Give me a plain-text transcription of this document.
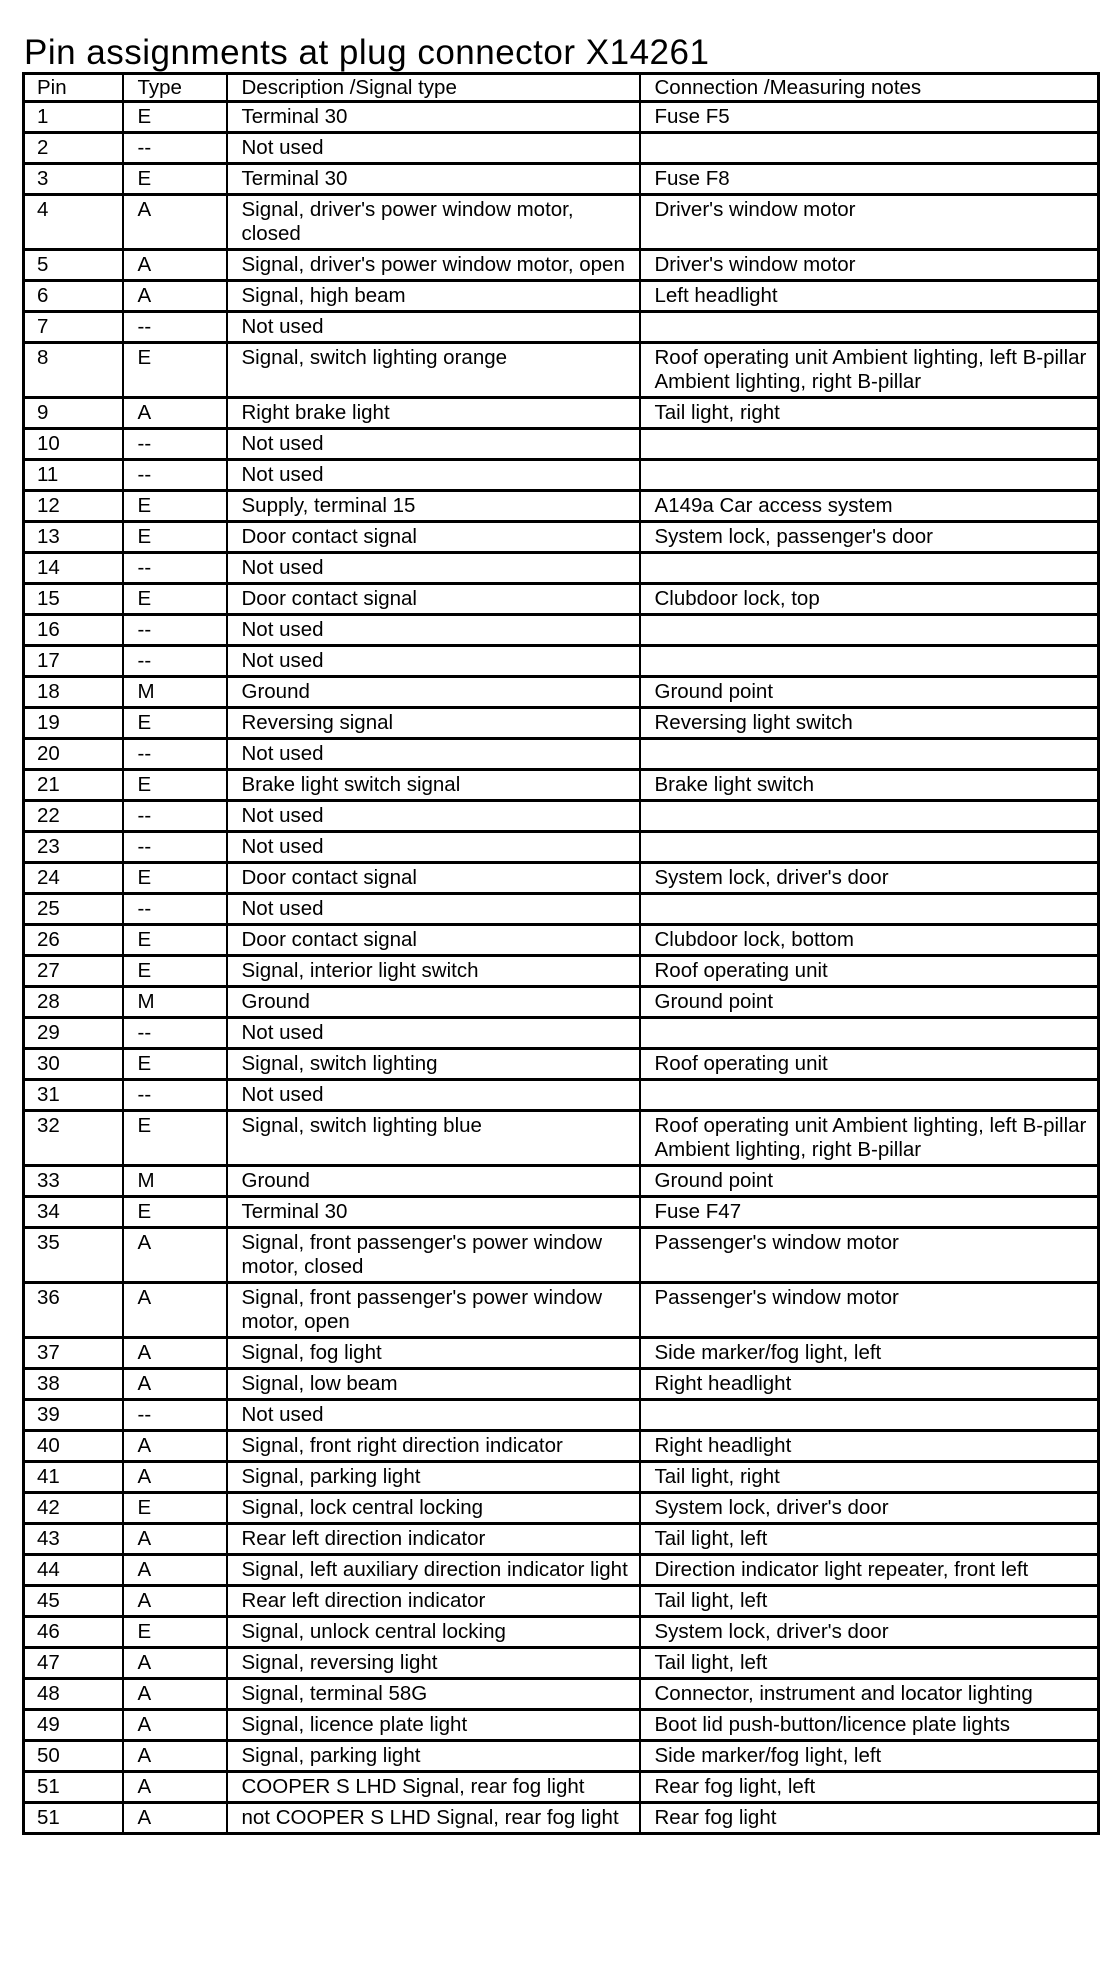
Pin assignments at plug connector X14261
Pin	Type	Description /Signal type	Connection /Measuring notes
1	E	Terminal 30	Fuse F5
2	--	Not used	
3	E	Terminal 30	Fuse F8
4	A	Signal, driver's power window motor, closed	Driver's window motor
5	A	Signal, driver's power window motor, open	Driver's window motor
6	A	Signal, high beam	Left headlight
7	--	Not used	
8	E	Signal, switch lighting orange	Roof operating unit Ambient lighting, left B-pillar Ambient lighting, right B-pillar
9	A	Right brake light	Tail light, right
10	--	Not used	
11	--	Not used	
12	E	Supply, terminal 15	A149a Car access system
13	E	Door contact signal	System lock, passenger's door
14	--	Not used	
15	E	Door contact signal	Clubdoor lock, top
16	--	Not used	
17	--	Not used	
18	M	Ground	Ground point
19	E	Reversing signal	Reversing light switch
20	--	Not used	
21	E	Brake light switch signal	Brake light switch
22	--	Not used	
23	--	Not used	
24	E	Door contact signal	System lock, driver's door
25	--	Not used	
26	E	Door contact signal	Clubdoor lock, bottom
27	E	Signal, interior light switch	Roof operating unit
28	M	Ground	Ground point
29	--	Not used	
30	E	Signal, switch lighting	Roof operating unit
31	--	Not used	
32	E	Signal, switch lighting blue	Roof operating unit Ambient lighting, left B-pillar Ambient lighting, right B-pillar
33	M	Ground	Ground point
34	E	Terminal 30	Fuse F47
35	A	Signal, front passenger's power window motor, closed	Passenger's window motor
36	A	Signal, front passenger's power window motor, open	Passenger's window motor
37	A	Signal, fog light	Side marker/fog light, left
38	A	Signal, low beam	Right headlight
39	--	Not used	
40	A	Signal, front right direction indicator	Right headlight
41	A	Signal, parking light	Tail light, right
42	E	Signal, lock central locking	System lock, driver's door
43	A	Rear left direction indicator	Tail light, left
44	A	Signal, left auxiliary direction indicator light	Direction indicator light repeater, front left
45	A	Rear left direction indicator	Tail light, left
46	E	Signal, unlock central locking	System lock, driver's door
47	A	Signal, reversing light	Tail light, left
48	A	Signal, terminal 58G	Connector, instrument and locator lighting
49	A	Signal, licence plate light	Boot lid push-button/licence plate lights
50	A	Signal, parking light	Side marker/fog light, left
51	A	COOPER S LHD Signal, rear fog light	Rear fog light, left
51	A	not COOPER S LHD Signal, rear fog light	Rear fog light
